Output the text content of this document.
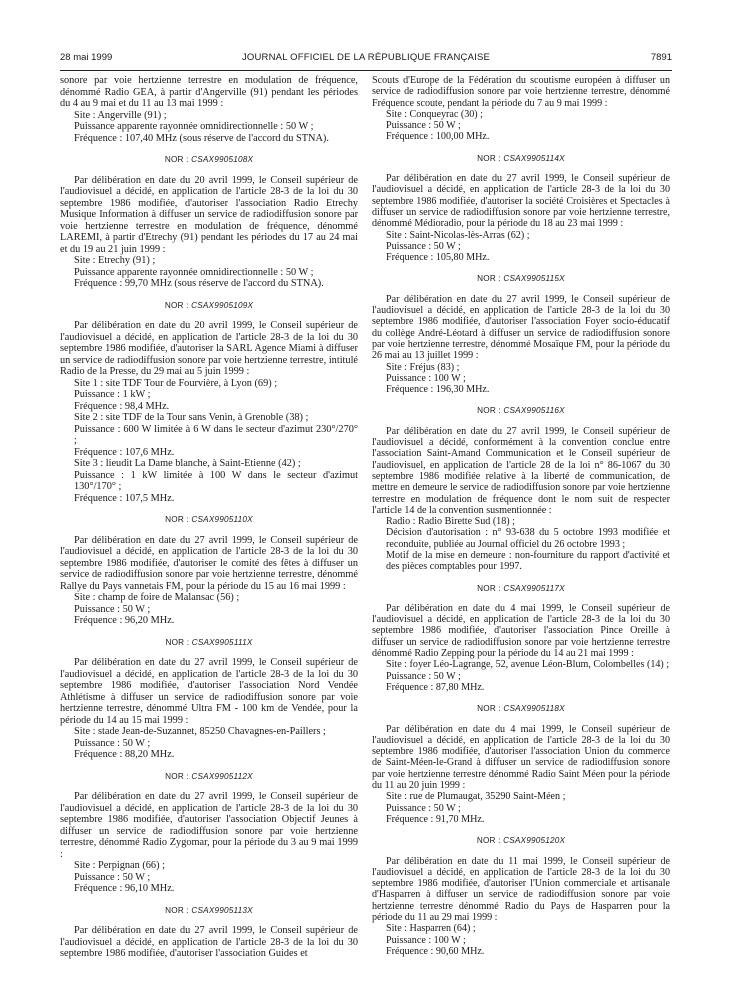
28 mai 1999	JOURNAL OFFICIEL DE LA RÉPUBLIQUE FRANÇAISE	7891

sonore par voie hertzienne terrestre en modulation de fréquence, dénommé Radio GEA, à partir d'Angerville (91) pendant les périodes du 4 au 9 mai et du 11 au 13 mai 1999 :

Site : Angerville (91) ;
Puissance apparente rayonnée omnidirectionnelle : 50 W ;
Fréquence : 107,40 MHz (sous réserve de l'accord du STNA).
NOR : CSAX9905108X

Par délibération en date du 20 avril 1999, le Conseil supérieur de l'audiovisuel a décidé, en application de l'article 28-3 de la loi du 30 septembre 1986 modifiée, d'autoriser l'association Radio Etrechy Musique Information à diffuser un service de radiodiffusion sonore par voie hertzienne terrestre en modulation de fréquence, dénommé LAREMI, à partir d'Etrechy (91) pendant les périodes du 17 au 24 mai et du 19 au 21 juin 1999 :

Site : Etrechy (91) ;
Puissance apparente rayonnée omnidirectionnelle : 50 W ;
Fréquence : 99,70 MHz (sous réserve de l'accord du STNA).
NOR : CSAX9905109X

Par délibération en date du 20 avril 1999, le Conseil supérieur de l'audiovisuel a décidé, en application de l'article 28-3 de la loi du 30 septembre 1986 modifiée, d'autoriser la SARL Agence Miami à diffuser un service de radiodiffusion sonore par voie hertzienne terrestre, intitulé Radio de la Presse, du 29 mai au 5 juin 1999 :

Site 1 : site TDF Tour de Fourvière, à Lyon (69) ;
Puissance : 1 kW ;
Fréquence : 98,4 MHz.
Site 2 : site TDF de la Tour sans Venin, à Grenoble (38) ;
Puissance : 600 W limitée à 6 W dans le secteur d'azimut 230°/270° ;
Fréquence : 107,6 MHz.
Site 3 : lieudit La Dame blanche, à Saint-Etienne (42) ;
Puissance : 1 kW limitée à 100 W dans le secteur d'azimut 130°/170° ;
Fréquence : 107,5 MHz.
NOR : CSAX9905110X

Par délibération en date du 27 avril 1999, le Conseil supérieur de l'audiovisuel a décidé, en application de l'article 28-3 de la loi du 30 septembre 1986 modifiée, d'autoriser le comité des fêtes à diffuser un service de radiodiffusion sonore par voie hertzienne terrestre, dénommé Rallye du Pays vannetais FM, pour la période du 15 au 16 mai 1999 :

Site : champ de foire de Malansac (56) ;
Puissance : 50 W ;
Fréquence : 96,20 MHz.
NOR : CSAX9905111X

Par délibération en date du 27 avril 1999, le Conseil supérieur de l'audiovisuel a décidé, en application de l'article 28-3 de la loi du 30 septembre 1986 modifiée, d'autoriser l'association Nord Vendée Athlétisme à diffuser un service de radiodiffusion sonore par voie hertzienne terrestre, dénommé Ultra FM - 100 km de Vendée, pour la période du 14 au 15 mai 1999 :

Site : stade Jean-de-Suzannet, 85250 Chavagnes-en-Paillers ;
Puissance : 50 W ;
Fréquence : 88,20 MHz.
NOR : CSAX9905112X

Par délibération en date du 27 avril 1999, le Conseil supérieur de l'audiovisuel a décidé, en application de l'article 28-3 de la loi du 30 septembre 1986 modifiée, d'autoriser l'association Objectif Jeunes à diffuser un service de radiodiffusion sonore par voie hertzienne terrestre, dénommé Radio Zygomar, pour la période du 3 au 9 mai 1999 :

Site : Perpignan (66) ;
Puissance : 50 W ;
Fréquence : 96,10 MHz.
NOR : CSAX9905113X

Par délibération en date du 27 avril 1999, le Conseil supérieur de l'audiovisuel a décidé, en application de l'article 28-3 de la loi du 30 septembre 1986 modifiée, d'autoriser l'association Guides et

Scouts d'Europe de la Fédération du scoutisme européen à diffuser un service de radiodiffusion sonore par voie hertzienne terrestre, dénommé Fréquence scoute, pendant la période du 7 au 9 mai 1999 :

Site : Conqueyrac (30) ;
Puissance : 50 W ;
Fréquence : 100,00 MHz.
NOR : CSAX9905114X

Par délibération en date du 27 avril 1999, le Conseil supérieur de l'audiovisuel a décidé, en application de l'article 28-3 de la loi du 30 septembre 1986 modifiée, d'autoriser la société Croisières et Spectacles à diffuser un service de radiodiffusion sonore par voie hertzienne terrestre, dénommé Médioradio, pour la période du 18 au 23 mai 1999 :

Site : Saint-Nicolas-lès-Arras (62) ;
Puissance : 50 W ;
Fréquence : 105,80 MHz.
NOR : CSAX9905115X

Par délibération en date du 27 avril 1999, le Conseil supérieur de l'audiovisuel a décidé, en application de l'article 28-3 de la loi du 30 septembre 1986 modifiée, d'autoriser l'association Foyer socio-éducatif du collège André-Léotard à diffuser un service de radiodiffusion sonore par voie hertzienne terrestre, dénommé Mosaïque FM, pour la période du 26 mai au 13 juillet 1999 :

Site : Fréjus (83) ;
Puissance : 100 W ;
Fréquence : 196,30 MHz.
NOR : CSAX9905116X

Par délibération en date du 27 avril 1999, le Conseil supérieur de l'audiovisuel a décidé, conformément à la convention conclue entre l'association Saint-Amand Communication et le Conseil supérieur de l'audiovisuel, en application de l'article 28 de la loi n° 86-1067 du 30 septembre 1986 modifiée relative à la liberté de communication, de mettre en demeure le service de radiodiffusion sonore par voie hertzienne terrestre en modulation de fréquence dont le nom suit de respecter l'article 14 de la convention susmentionnée :

Radio : Radio Birette Sud (18) ;
Décision d'autorisation : n° 93-638 du 5 octobre 1993 modifiée et reconduite, publiée au Journal officiel du 26 octobre 1993 ;
Motif de la mise en demeure : non-fourniture du rapport d'activité et des pièces comptables pour 1997.
NOR : CSAX9905117X

Par délibération en date du 4 mai 1999, le Conseil supérieur de l'audiovisuel a décidé, en application de l'article 28-3 de la loi du 30 septembre 1986 modifiée, d'autoriser l'association Pince Oreille à diffuser un service de radiodiffusion sonore par voie hertzienne terrestre dénommé Radio Zepping pour la période du 14 au 21 mai 1999 :

Site : foyer Léo-Lagrange, 52, avenue Léon-Blum, Colombelles (14) ;
Puissance : 50 W ;
Fréquence : 87,80 MHz.
NOR : CSAX9905118X

Par délibération en date du 4 mai 1999, le Conseil supérieur de l'audiovisuel a décidé, en application de l'article 28-3 de la loi du 30 septembre 1986 modifiée, d'autoriser l'association Union du commerce de Saint-Méen-le-Grand à diffuser un service de radiodiffusion sonore par voie hertzienne terrestre dénommé Radio Saint Méen pour la période du 11 au 20 juin 1999 :

Site : rue de Plumaugat, 35290 Saint-Méen ;
Puissance : 50 W ;
Fréquence : 91,70 MHz.
NOR : CSAX9905120X

Par délibération en date du 11 mai 1999, le Conseil supérieur de l'audiovisuel a décidé, en application de l'article 28-3 de la loi du 30 septembre 1986 modifiée, d'autoriser l'Union commerciale et artisanale d'Hasparren à diffuser un service de radiodiffusion sonore par voie hertzienne terrestre dénommé Radio du Pays de Hasparren pour la période du 11 au 29 mai 1999 :

Site : Hasparren (64) ;
Puissance : 100 W ;
Fréquence : 90,60 MHz.
